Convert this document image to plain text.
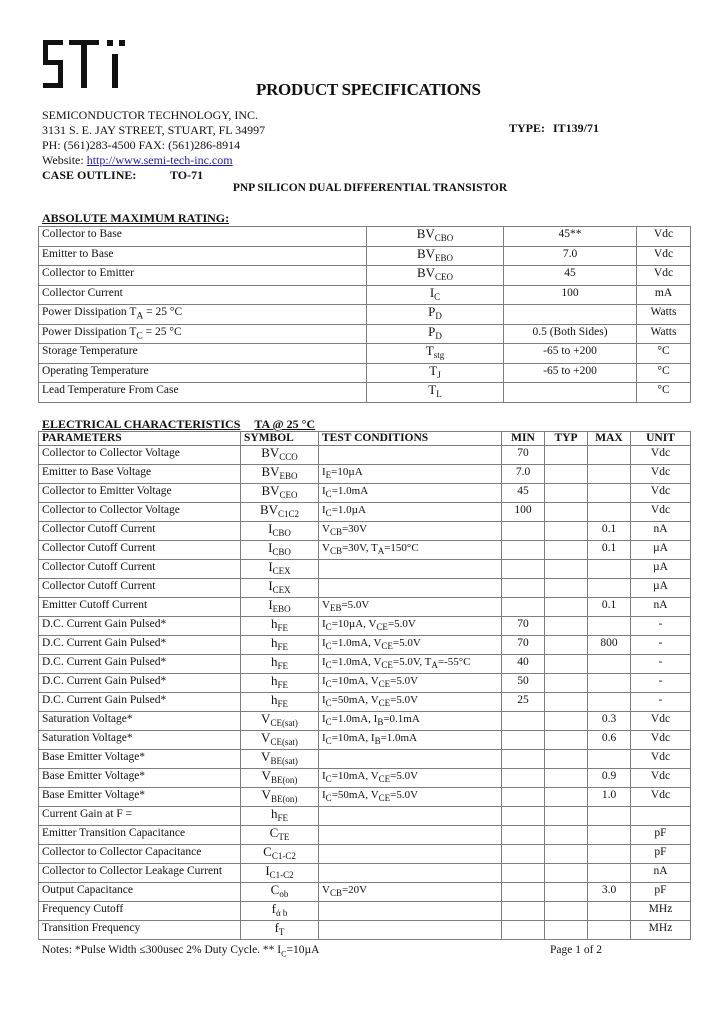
PRODUCT SPECIFICATIONS
SEMICONDUCTOR TECHNOLOGY, INC.
3131 S. E. JAY STREET, STUART, FL 34997
PH: (561)283-4500 FAX: (561)286-8914
Website: http://www.semi-tech-inc.com
TYPE: IT139/71
CASE OUTLINE:	TO-71
PNP SILICON DUAL DIFFERENTIAL TRANSISTOR
ABSOLUTE MAXIMUM RATING:
Collector to Base	$BV_{CBO}$	45**	Vdc
Emitter to Base	$BV_{EBO}$	7.0	Vdc
Collector to Emitter	$BV_{CEO}$	45	Vdc
Collector Current	$I_C$	100	mA
Power Dissipation $T_A = 25$ °C	$P_D$		Watts
Power Dissipation $T_C = 25$ °C	$P_D$	0.5 (Both Sides)	Watts
Storage Temperature	$T_{stg}$	-65 to +200	°C
Operating Temperature	$T_J$	-65 to +200	°C
Lead Temperature From Case	$T_L$		°C
ELECTRICAL CHARACTERISTICS TA @ 25 °C
PARAMETERS	SYMBOL	TEST CONDITIONS	MIN	TYP	MAX	UNIT
Collector to Collector Voltage	$BV_{CCO}$		70			Vdc
Emitter to Base Voltage	$BV_{EBO}$	$I_E=10\mu A$	7.0			Vdc
Collector to Emitter Voltage	$BV_{CEO}$	$I_C=1.0mA$	45			Vdc
Collector to Collector Voltage	$BV_{C1C2}$	$I_C=1.0\mu A$	100			Vdc
Collector Cutoff Current	$I_{CBO}$	$V_{CB}=30V$			0.1	nA
Collector Cutoff Current	$I_{CBO}$	$V_{CB}=30V$, $T_A=150^\circ C$			0.1	µA
Collector Cutoff Current	$I_{CEX}$					µA
Collector Cutoff Current	$I_{CEX}$					µA
Emitter Cutoff Current	$I_{EBO}$	$V_{EB}=5.0V$			0.1	nA
D.C. Current Gain Pulsed*	$h_{FE}$	$I_C=10\mu A$, $V_{CE}=5.0V$	70			-
D.C. Current Gain Pulsed*	$h_{FE}$	$I_C=1.0mA$, $V_{CE}=5.0V$	70		800	-
D.C. Current Gain Pulsed*	$h_{FE}$	$I_C=1.0mA$, $V_{CE}=5.0V$, $T_A=-55^\circ C$	40			-
D.C. Current Gain Pulsed*	$h_{FE}$	$I_C=10mA$, $V_{CE}=5.0V$	50			-
D.C. Current Gain Pulsed*	$h_{FE}$	$I_C=50mA$, $V_{CE}=5.0V$	25			-
Saturation Voltage*	$V_{CE(sat)}$	$I_C=1.0mA$, $I_B=0.1mA$			0.3	Vdc
Saturation Voltage*	$V_{CE(sat)}$	$I_C=10mA$, $I_B=1.0mA$			0.6	Vdc
Base Emitter Voltage*	$V_{BE(sat)}$					Vdc
Base Emitter Voltage*	$V_{BE(on)}$	$I_C=10mA$, $V_{CE}=5.0V$			0.9	Vdc
Base Emitter Voltage*	$V_{BE(on)}$	$I_C=50mA$, $V_{CE}=5.0V$			1.0	Vdc
Current Gain at F =	$h_{FE}$					
Emitter Transition Capacitance	$C_{TE}$					pF
Collector to Collector Capacitance	$C_{C1-C2}$					pF
Collector to Collector Leakage Current	$I_{C1-C2}$					nA
Output Capacitance	$C_{ob}$	$V_{CB}=20V$			3.0	pF
Frequency Cutoff	$f_{ά b}$					MHz
Transition Frequency	$f_T$					MHz
Notes: *Pulse Width ≤300usec 2% Duty Cycle. ** $I_C=10\mu A$	Page 1 of 2
